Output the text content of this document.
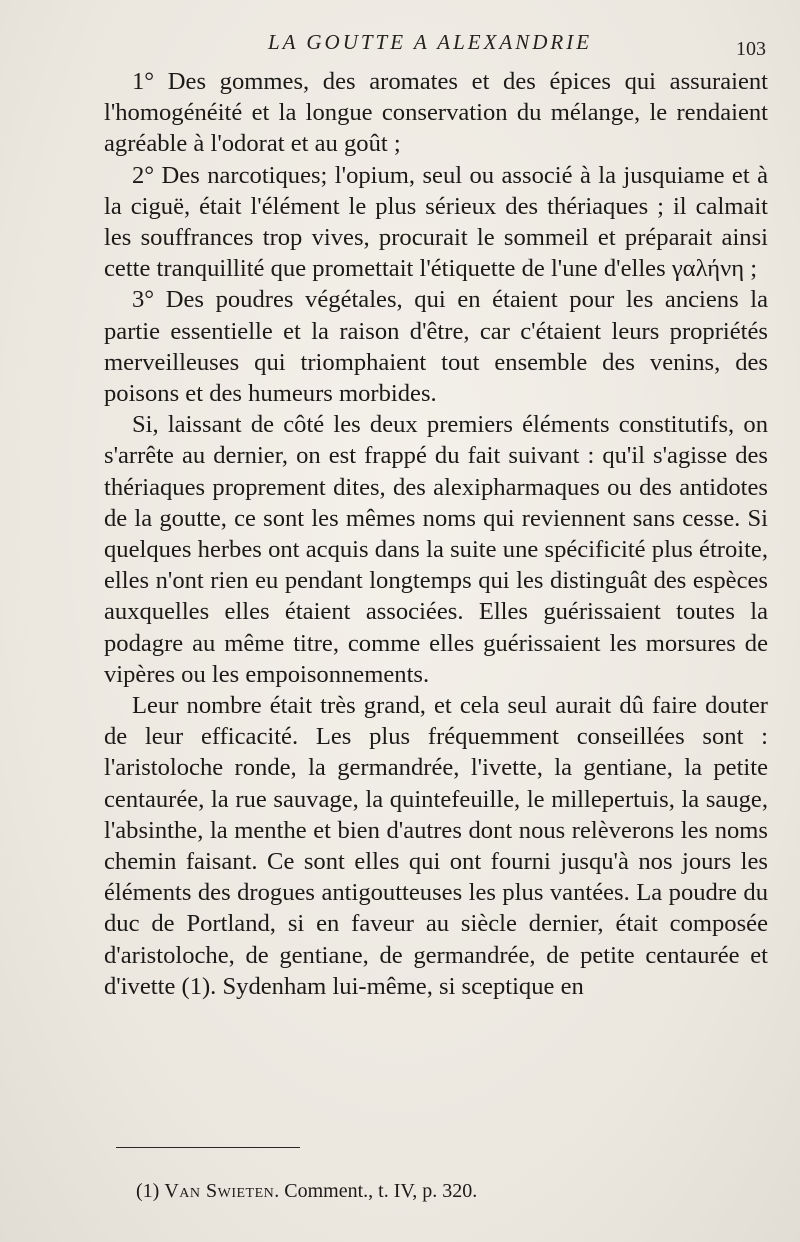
LA GOUTTE A ALEXANDRIE	103

1° Des gommes, des aromates et des épices qui assuraient l'homogénéité et la longue conservation du mélange, le rendaient agréable à l'odorat et au goût ;

2° Des narcotiques; l'opium, seul ou associé à la jusquiame et à la ciguë, était l'élément le plus sérieux des thériaques ; il calmait les souffrances trop vives, procurait le sommeil et préparait ainsi cette tranquillité que promettait l'étiquette de l'une d'elles γαλήνη ;

3° Des poudres végétales, qui en étaient pour les anciens la partie essentielle et la raison d'être, car c'étaient leurs propriétés merveilleuses qui triomphaient tout ensemble des venins, des poisons et des humeurs morbides.

Si, laissant de côté les deux premiers éléments constitutifs, on s'arrête au dernier, on est frappé du fait suivant : qu'il s'agisse des thériaques proprement dites, des alexipharmaques ou des antidotes de la goutte, ce sont les mêmes noms qui reviennent sans cesse. Si quelques herbes ont acquis dans la suite une spécificité plus étroite, elles n'ont rien eu pendant longtemps qui les distinguât des espèces auxquelles elles étaient associées. Elles guérissaient toutes la podagre au même titre, comme elles guérissaient les morsures de vipères ou les empoisonnements.

Leur nombre était très grand, et cela seul aurait dû faire douter de leur efficacité. Les plus fréquemment conseillées sont : l'aristoloche ronde, la germandrée, l'ivette, la gentiane, la petite centaurée, la rue sauvage, la quintefeuille, le millepertuis, la sauge, l'absinthe, la menthe et bien d'autres dont nous relèverons les noms chemin faisant. Ce sont elles qui ont fourni jusqu'à nos jours les éléments des drogues antigoutteuses les plus vantées. La poudre du duc de Portland, si en faveur au siècle dernier, était composée d'aristoloche, de gentiane, de germandrée, de petite centaurée et d'ivette (1). Sydenham lui-même, si sceptique en

(1) Van Swieten. Comment., t. IV, p. 320.
